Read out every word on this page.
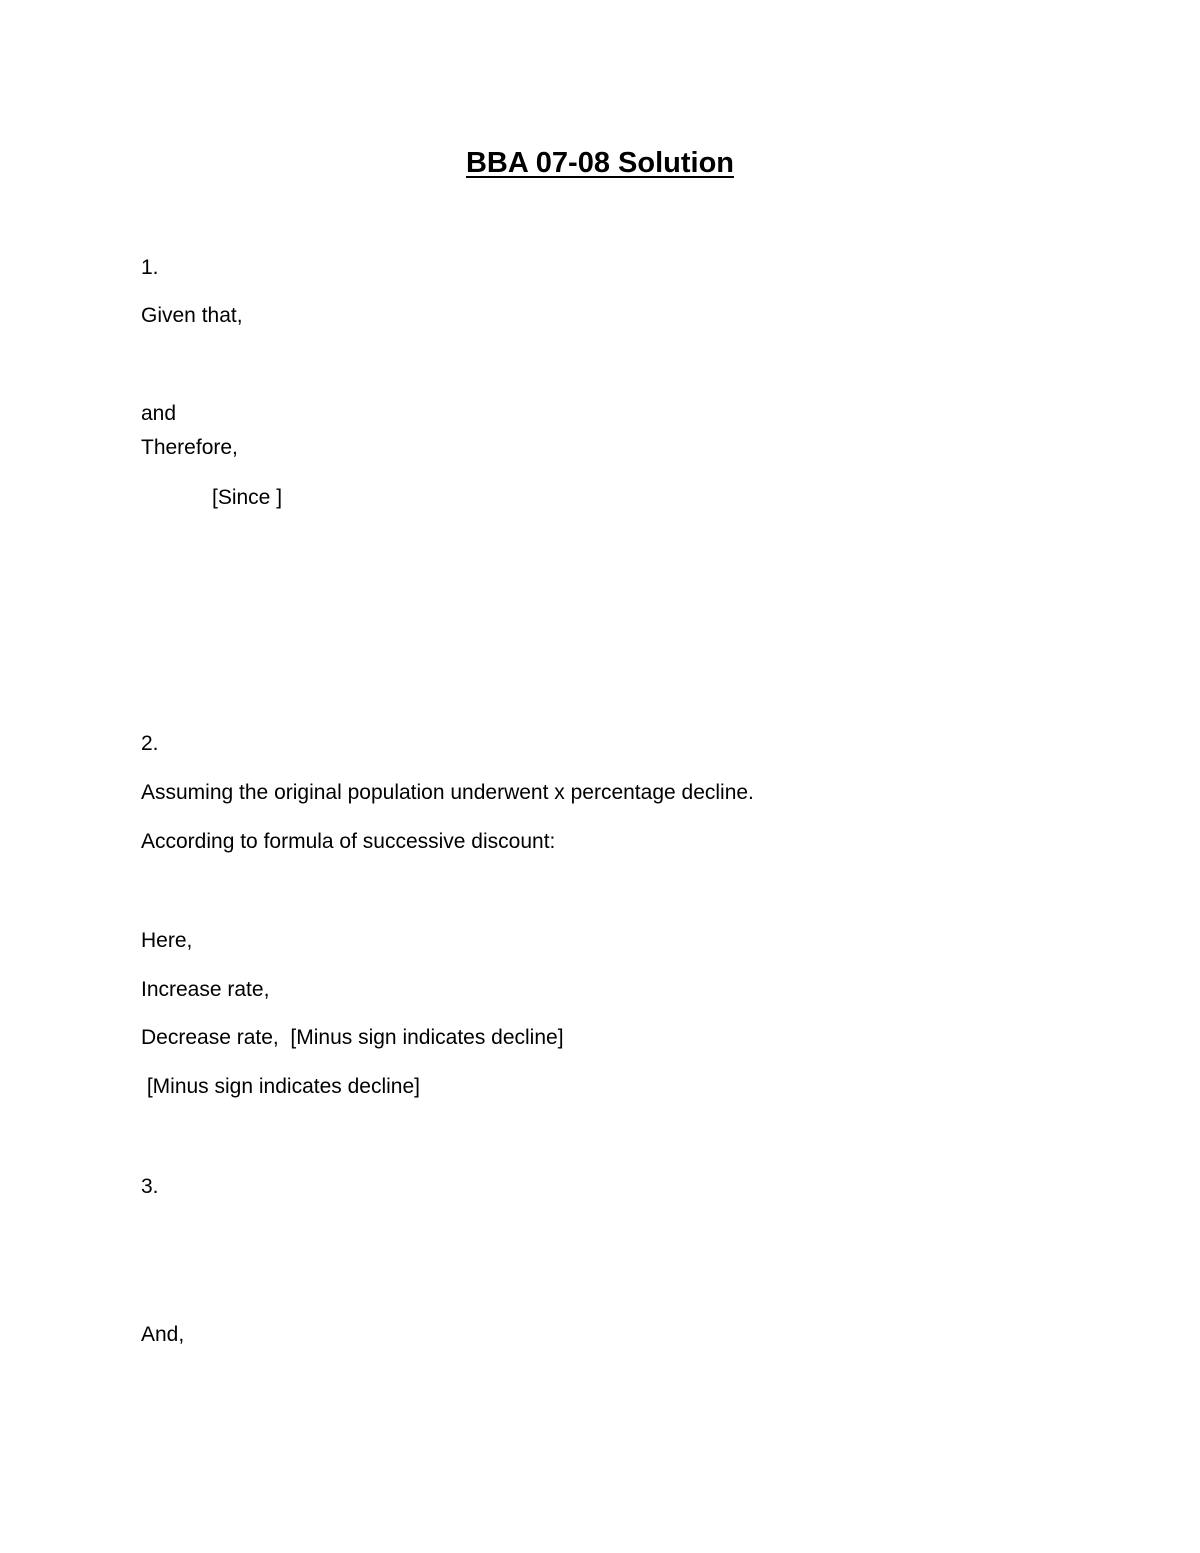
BBA 07-08 Solution
1.
Given that,
and
Therefore,
[Since ]
2.
Assuming the original population underwent x percentage decline.
According to formula of successive discount:
Here,
Increase rate,
Decrease rate,  [Minus sign indicates decline]
[Minus sign indicates decline]
3.
And,
